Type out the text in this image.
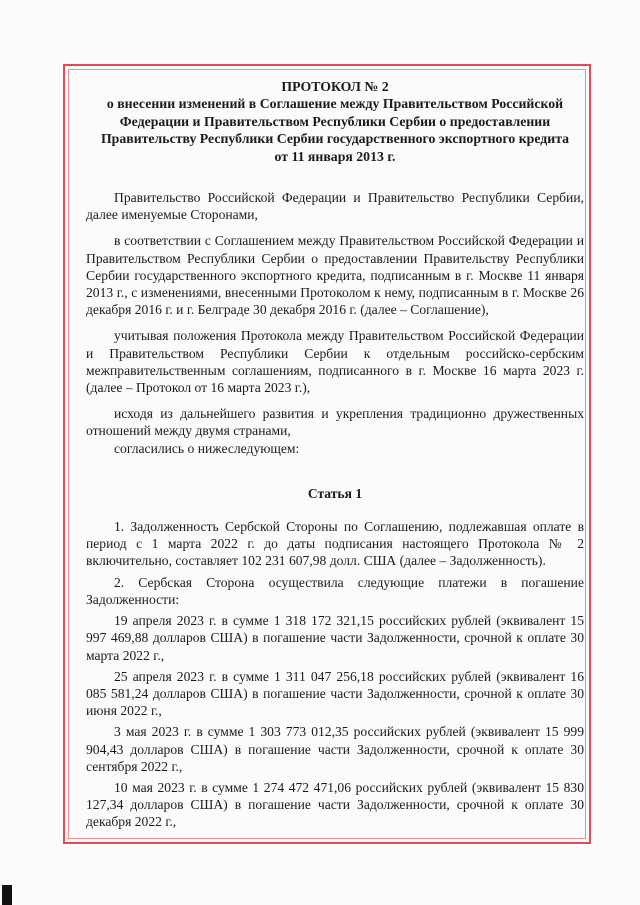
ПРОТОКОЛ № 2
о внесении изменений в Соглашение между Правительством Российской Федерации и Правительством Республики Сербии о предоставлении Правительству Республики Сербии государственного экспортного кредита от 11 января 2013 г.

Правительство Российской Федерации и Правительство Республики Сербии, далее именуемые Сторонами,

в соответствии с Соглашением между Правительством Российской Федерации и Правительством Республики Сербии о предоставлении Правительству Республики Сербии государственного экспортного кредита, подписанным в г. Москве 11 января 2013 г., с изменениями, внесенными Протоколом к нему, подписанным в г. Москве 26 декабря 2016 г. и г. Белграде 30 декабря 2016 г. (далее – Соглашение),

учитывая положения Протокола между Правительством Российской Федерации и Правительством Республики Сербии к отдельным российско-сербским межправительственным соглашениям, подписанного в г. Москве 16 марта 2023 г. (далее – Протокол от 16 марта 2023 г.),

исходя из дальнейшего развития и укрепления традиционно дружественных отношений между двумя странами,

согласились о нижеследующем:

Статья 1

1. Задолженность Сербской Стороны по Соглашению, подлежавшая оплате в период с 1 марта 2022 г. до даты подписания настоящего Протокола № 2 включительно, составляет 102 231 607,98 долл. США (далее – Задолженность).

2. Сербская Сторона осуществила следующие платежи в погашение Задолженности:

19 апреля 2023 г. в сумме 1 318 172 321,15 российских рублей (эквивалент 15 997 469,88 долларов США) в погашение части Задолженности, срочной к оплате 30 марта 2022 г.,

25 апреля 2023 г. в сумме 1 311 047 256,18 российских рублей (эквивалент 16 085 581,24 долларов США) в погашение части Задолженности, срочной к оплате 30 июня 2022 г.,

3 мая 2023 г. в сумме 1 303 773 012,35 российских рублей (эквивалент 15 999 904,43 долларов США) в погашение части Задолженности, срочной к оплате 30 сентября 2022 г.,

10 мая 2023 г. в сумме 1 274 472 471,06 российских рублей (эквивалент 15 830 127,34 долларов США) в погашение части Задолженности, срочной к оплате 30 декабря 2022 г.,
